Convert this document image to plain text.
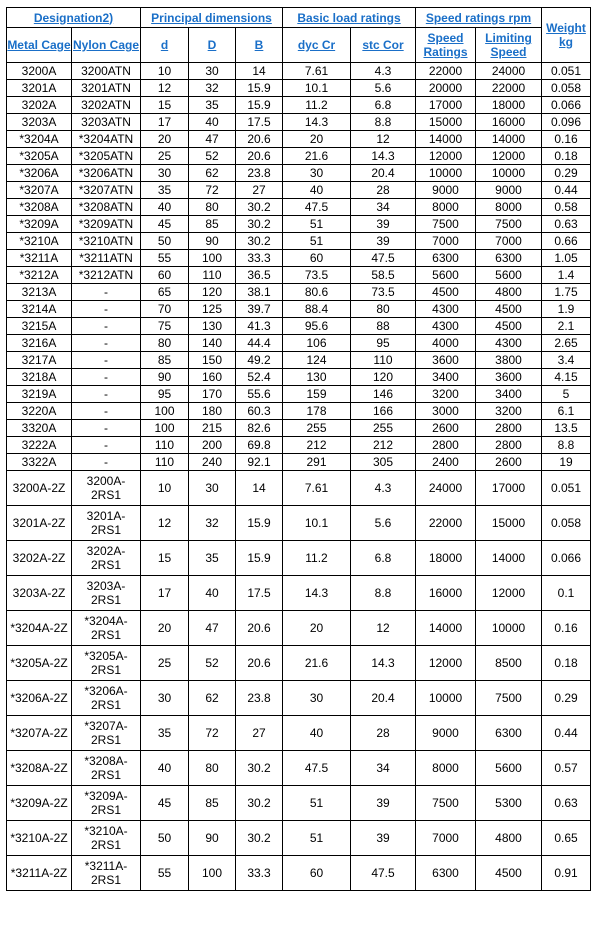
Designation2)		Principal dimensions			Basic load ratings		Speed ratings rpm		Weight kg
Metal Cage	Nylon Cage	d	D	B	dyc Cr	stc Cor	Speed Ratings	Limiting Speed	
3200A	3200ATN	10	30	14	7.61	4.3	22000	24000	0.051
3201A	3201ATN	12	32	15.9	10.1	5.6	20000	22000	0.058
3202A	3202ATN	15	35	15.9	11.2	6.8	17000	18000	0.066
3203A	3203ATN	17	40	17.5	14.3	8.8	15000	16000	0.096
*3204A	*3204ATN	20	47	20.6	20	12	14000	14000	0.16
*3205A	*3205ATN	25	52	20.6	21.6	14.3	12000	12000	0.18
*3206A	*3206ATN	30	62	23.8	30	20.4	10000	10000	0.29
*3207A	*3207ATN	35	72	27	40	28	9000	9000	0.44
*3208A	*3208ATN	40	80	30.2	47.5	34	8000	8000	0.58
*3209A	*3209ATN	45	85	30.2	51	39	7500	7500	0.63
*3210A	*3210ATN	50	90	30.2	51	39	7000	7000	0.66
*3211A	*3211ATN	55	100	33.3	60	47.5	6300	6300	1.05
*3212A	*3212ATN	60	110	36.5	73.5	58.5	5600	5600	1.4
3213A	-	65	120	38.1	80.6	73.5	4500	4800	1.75
3214A	-	70	125	39.7	88.4	80	4300	4500	1.9
3215A	-	75	130	41.3	95.6	88	4300	4500	2.1
3216A	-	80	140	44.4	106	95	4000	4300	2.65
3217A	-	85	150	49.2	124	110	3600	3800	3.4
3218A	-	90	160	52.4	130	120	3400	3600	4.15
3219A	-	95	170	55.6	159	146	3200	3400	5
3220A	-	100	180	60.3	178	166	3000	3200	6.1
3320A	-	100	215	82.6	255	255	2600	2800	13.5
3222A	-	110	200	69.8	212	212	2800	2800	8.8
3322A	-	110	240	92.1	291	305	2400	2600	19
3200A-2Z	3200A-2RS1	10	30	14	7.61	4.3	24000	17000	0.051
3201A-2Z	3201A-2RS1	12	32	15.9	10.1	5.6	22000	15000	0.058
3202A-2Z	3202A-2RS1	15	35	15.9	11.2	6.8	18000	14000	0.066
3203A-2Z	3203A-2RS1	17	40	17.5	14.3	8.8	16000	12000	0.1
*3204A-2Z	*3204A-2RS1	20	47	20.6	20	12	14000	10000	0.16
*3205A-2Z	*3205A-2RS1	25	52	20.6	21.6	14.3	12000	8500	0.18
*3206A-2Z	*3206A-2RS1	30	62	23.8	30	20.4	10000	7500	0.29
*3207A-2Z	*3207A-2RS1	35	72	27	40	28	9000	6300	0.44
*3208A-2Z	*3208A-2RS1	40	80	30.2	47.5	34	8000	5600	0.57
*3209A-2Z	*3209A-2RS1	45	85	30.2	51	39	7500	5300	0.63
*3210A-2Z	*3210A-2RS1	50	90	30.2	51	39	7000	4800	0.65
*3211A-2Z	*3211A-2RS1	55	100	33.3	60	47.5	6300	4500	0.91
